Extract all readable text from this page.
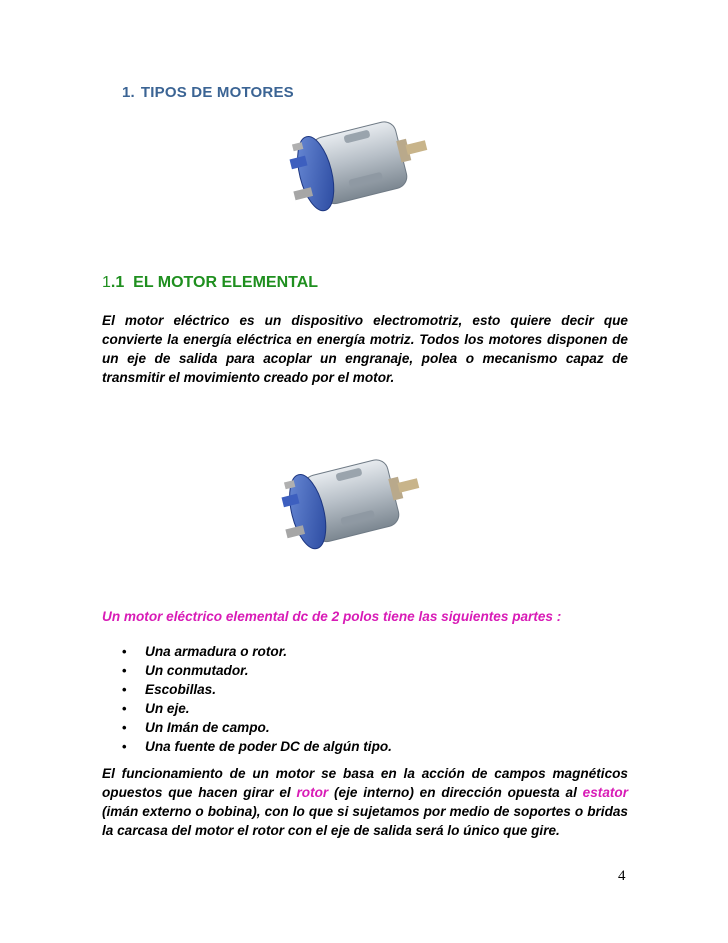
1. TIPOS DE MOTORES
1.1 EL MOTOR ELEMENTAL

El motor eléctrico es un dispositivo electromotriz, esto quiere decir que convierte la energía eléctrica en energía motriz. Todos los motores disponen de un eje de salida para acoplar un engranaje, polea o mecanismo capaz de transmitir el movimiento creado por el motor.

Un motor eléctrico elemental dc de 2 polos tiene las siguientes partes :

• Una armadura o rotor.
• Un conmutador.
• Escobillas.
• Un eje.
• Un Imán de campo.
• Una fuente de poder DC de algún tipo.

El funcionamiento de un motor se basa en la acción de campos magnéticos opuestos que hacen girar el rotor (eje interno) en dirección opuesta al estator (imán externo o bobina), con lo que si sujetamos por medio de soportes o bridas la carcasa del motor el rotor con el eje de salida será lo único que gire.

4
